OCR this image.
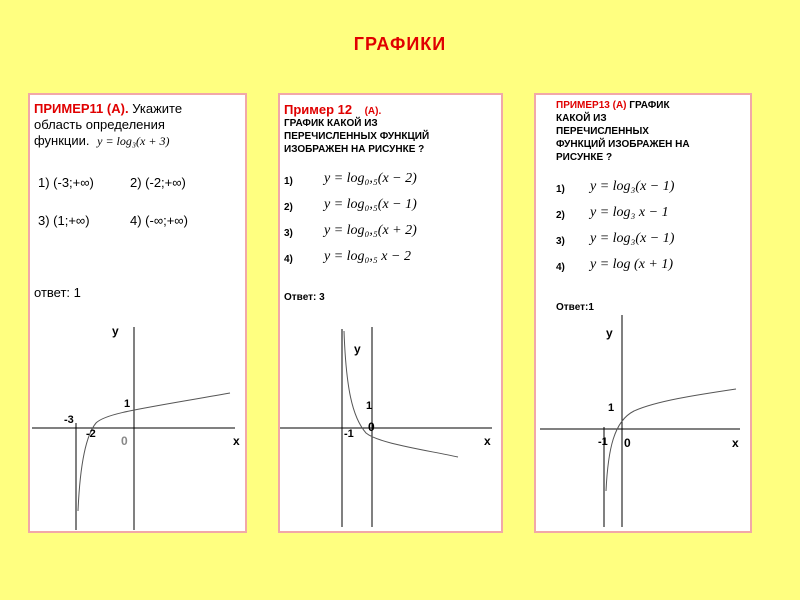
ГРАФИКИ
ПРИМЕР11 (А). Укажите
область определения
функции. y = log₃(x + 3)
1) (-3;+∞)	2) (-2;+∞)
3) (1;+∞)	4) (-∞;+∞)
ответ: 1
у
х
0
1
-3
-2
Пример 12 (А).
ГРАФИК КАКОЙ ИЗ
ПЕРЕЧИСЛЕННЫХ ФУНКЦИЙ
ИЗОБРАЖЕН НА РИСУНКЕ ?
1) y = log₀,₅(x − 2)
2) y = log₀,₅(x − 1)
3) y = log₀,₅(x + 2)
4) y = log₀,₅ x − 2
Ответ: 3
у
х
0
1
-1
ПРИМЕР13 (А) ГРАФИК
КАКОЙ ИЗ
ПЕРЕЧИСЛЕННЫХ
ФУНКЦИЙ ИЗОБРАЖЕН НА
РИСУНКЕ ?
1) y = log₃(x − 1)
2) y = log₃ x − 1
3) y = log₃(x − 1)
4) y = log (x + 1)
Ответ:1
у
х
0
1
-1
